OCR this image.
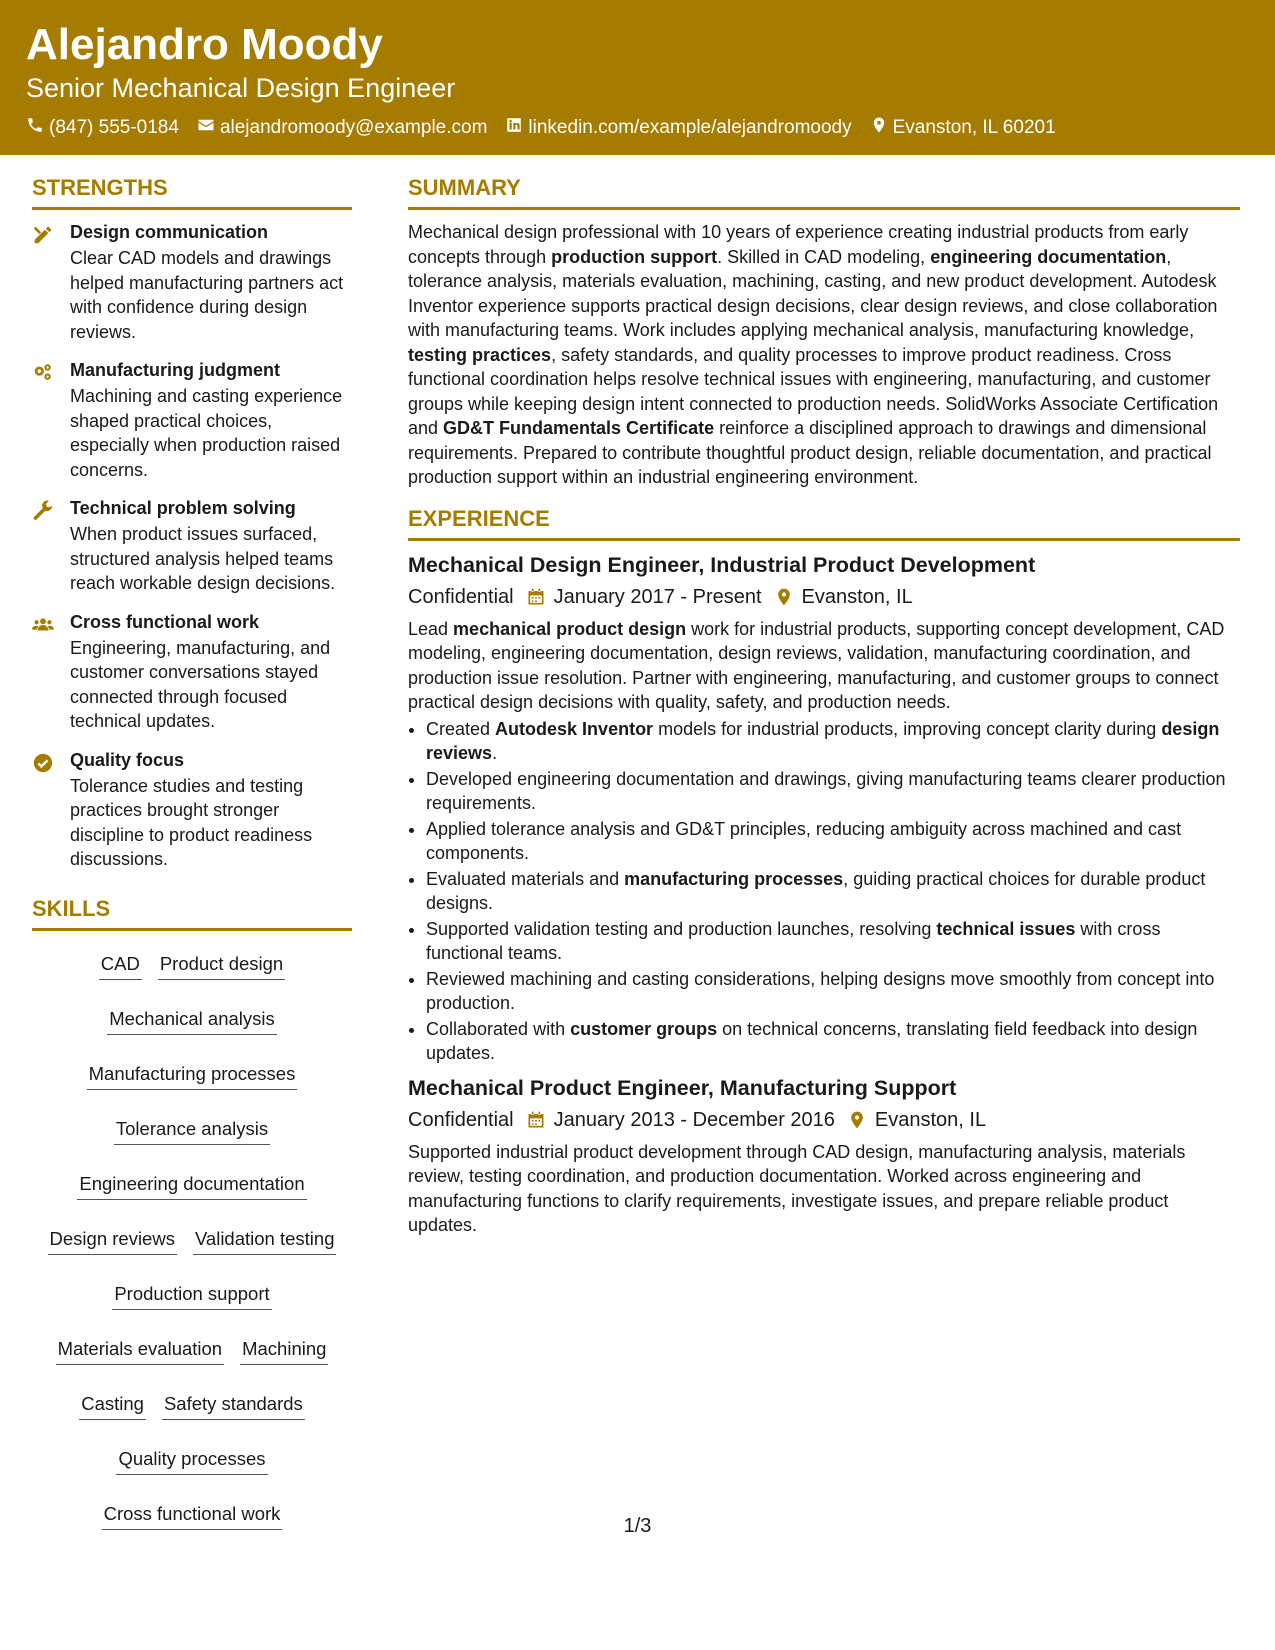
Alejandro Moody
Senior Mechanical Design Engineer
(847) 555-0184 alejandromoody@example.com linkedin.com/example/alejandromoody Evanston, IL 60201
STRENGTHS
Design communication
Clear CAD models and drawings helped manufacturing partners act with confidence during design reviews.
Manufacturing judgment
Machining and casting experience shaped practical choices, especially when production raised concerns.
Technical problem solving
When product issues surfaced, structured analysis helped teams reach workable design decisions.
Cross functional work
Engineering, manufacturing, and customer conversations stayed connected through focused technical updates.
Quality focus
Tolerance studies and testing practices brought stronger discipline to product readiness discussions.
SKILLS
CAD Product design
Mechanical analysis
Manufacturing processes
Tolerance analysis
Engineering documentation
Design reviews Validation testing
Production support
Materials evaluation Machining
Casting Safety standards
Quality processes
Cross functional work
SUMMARY
Mechanical design professional with 10 years of experience creating industrial products from early concepts through production support. Skilled in CAD modeling, engineering documentation, tolerance analysis, materials evaluation, machining, casting, and new product development. Autodesk Inventor experience supports practical design decisions, clear design reviews, and close collaboration with manufacturing teams. Work includes applying mechanical analysis, manufacturing knowledge, testing practices, safety standards, and quality processes to improve product readiness. Cross functional coordination helps resolve technical issues with engineering, manufacturing, and customer groups while keeping design intent connected to production needs. SolidWorks Associate Certification and GD&T Fundamentals Certificate reinforce a disciplined approach to drawings and dimensional requirements. Prepared to contribute thoughtful product design, reliable documentation, and practical production support within an industrial engineering environment.
EXPERIENCE
Mechanical Design Engineer, Industrial Product Development
Confidential January 2017 - Present Evanston, IL
Lead mechanical product design work for industrial products, supporting concept development, CAD modeling, engineering documentation, design reviews, validation, manufacturing coordination, and production issue resolution. Partner with engineering, manufacturing, and customer groups to connect practical design decisions with quality, safety, and production needs.
• Created Autodesk Inventor models for industrial products, improving concept clarity during design reviews.
• Developed engineering documentation and drawings, giving manufacturing teams clearer production requirements.
• Applied tolerance analysis and GD&T principles, reducing ambiguity across machined and cast components.
• Evaluated materials and manufacturing processes, guiding practical choices for durable product designs.
• Supported validation testing and production launches, resolving technical issues with cross functional teams.
• Reviewed machining and casting considerations, helping designs move smoothly from concept into production.
• Collaborated with customer groups on technical concerns, translating field feedback into design updates.
Mechanical Product Engineer, Manufacturing Support
Confidential January 2013 - December 2016 Evanston, IL
Supported industrial product development through CAD design, manufacturing analysis, materials review, testing coordination, and production documentation. Worked across engineering and manufacturing functions to clarify requirements, investigate issues, and prepare reliable product updates.
1/3
